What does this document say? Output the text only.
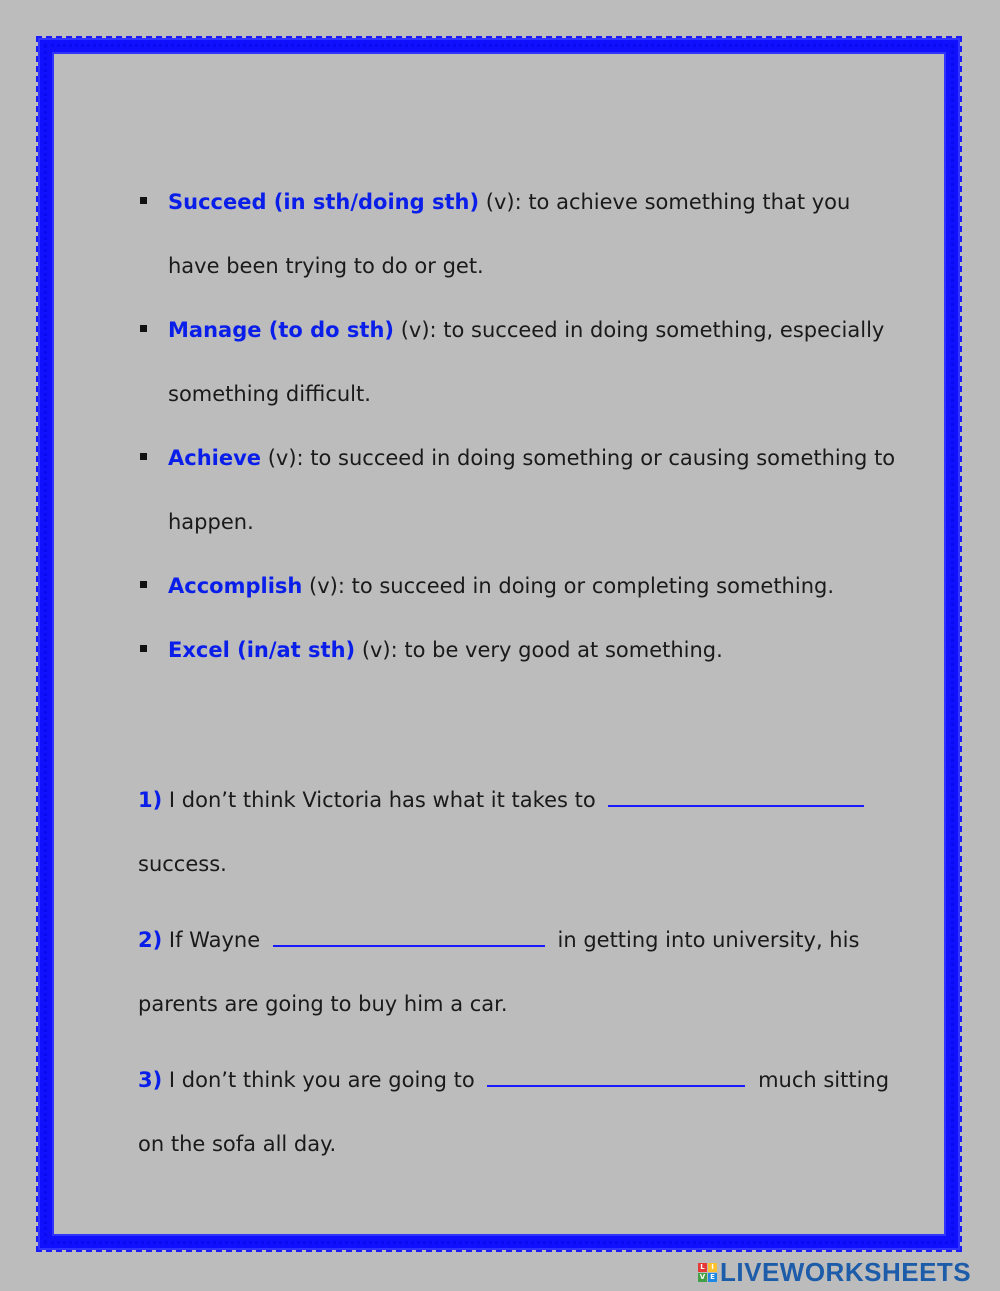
Succeed (in sth/doing sth) (v): to achieve something that you have been trying to do or get.
Manage (to do sth) (v): to succeed in doing something, especially something difficult.
Achieve (v): to succeed in doing something or causing something to happen.
Accomplish (v): to succeed in doing or completing something.
Excel (in/at sth) (v): to be very good at something.
1) I don’t think Victoria has what it takes to  success.
2) If Wayne	in getting into university, his parents are going to buy him a car.
3) I don’t think you are going to	much sitting on the sofa all day.
L I
V E LIVEWORKSHEETS
